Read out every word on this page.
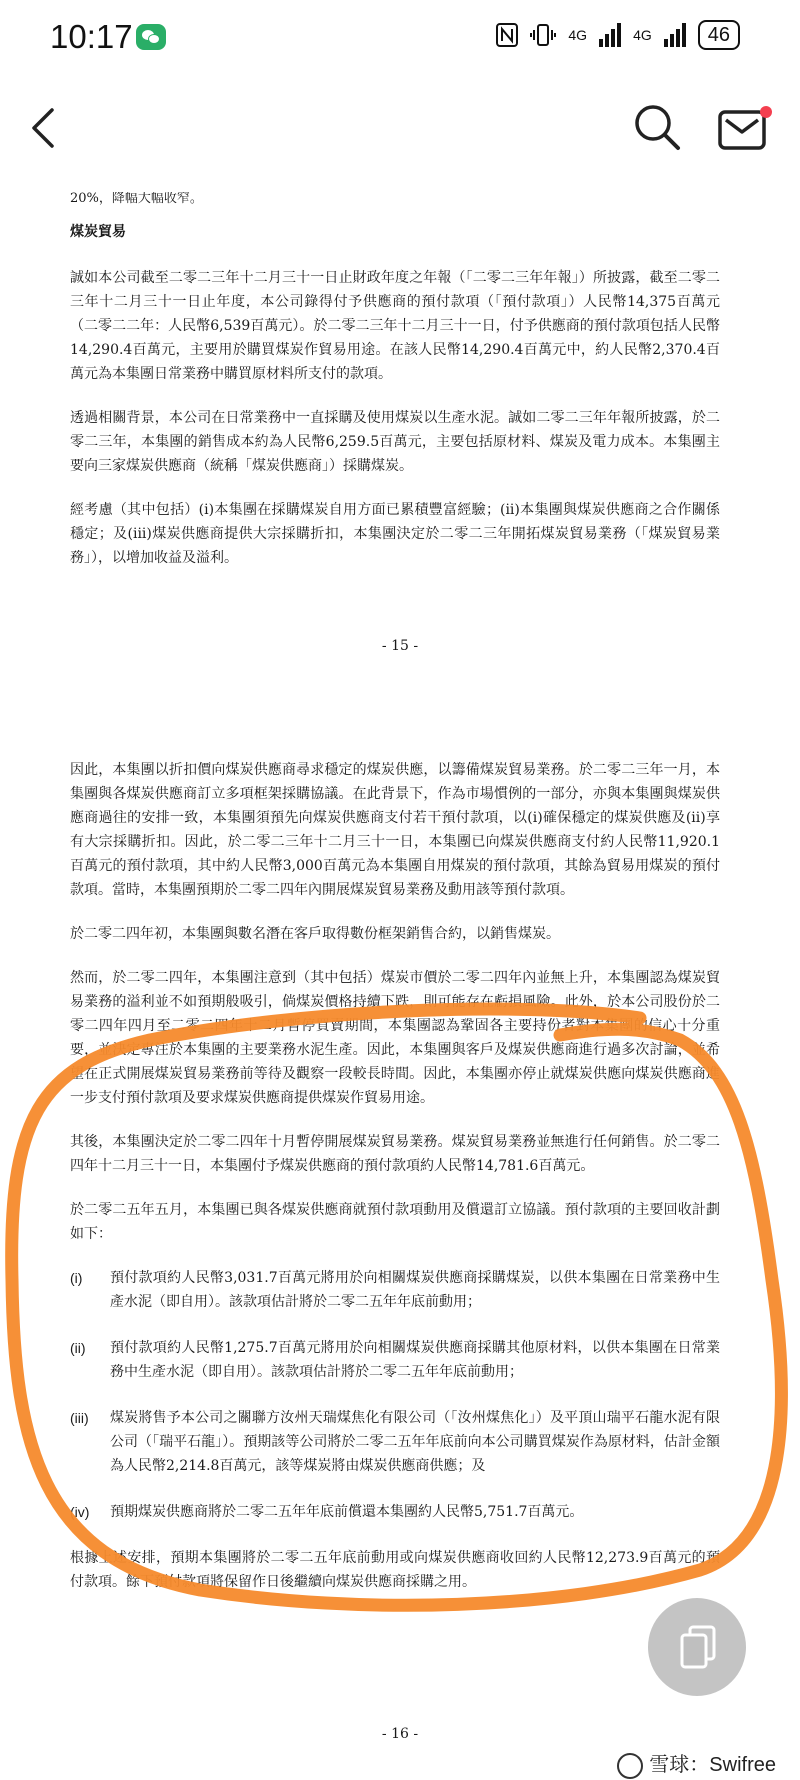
10:17	4G	4G	46

20%，降幅大幅收窄。

煤炭貿易

誠如本公司截至二零二三年十二月三十一日止財政年度之年報（「二零二三年年報」）所披露，截至二零二三年十二月三十一日止年度，本公司錄得付予供應商的預付款項（「預付款項」）人民幣14,375百萬元（二零二二年：人民幣6,539百萬元）。於二零二三年十二月三十一日，付予供應商的預付款項包括人民幣14,290.4百萬元，主要用於購買煤炭作貿易用途。在該人民幣14,290.4百萬元中，約人民幣2,370.4百萬元為本集團日常業務中購買原材料所支付的款項。

透過相關背景，本公司在日常業務中一直採購及使用煤炭以生產水泥。誠如二零二三年年報所披露，於二零二三年，本集團的銷售成本約為人民幣6,259.5百萬元，主要包括原材料、煤炭及電力成本。本集團主要向三家煤炭供應商（統稱「煤炭供應商」）採購煤炭。

經考慮（其中包括）(i)本集團在採購煤炭自用方面已累積豐富經驗；(ii)本集團與煤炭供應商之合作關係穩定；及(iii)煤炭供應商提供大宗採購折扣，本集團決定於二零二三年開拓煤炭貿易業務（「煤炭貿易業務」），以增加收益及溢利。

- 15 -

因此，本集團以折扣價向煤炭供應商尋求穩定的煤炭供應，以籌備煤炭貿易業務。於二零二三年一月，本集團與各煤炭供應商訂立多項框架採購協議。在此背景下，作為市場慣例的一部分，亦與本集團與煤炭供應商過往的安排一致，本集團須預先向煤炭供應商支付若干預付款項，以(i)確保穩定的煤炭供應及(ii)享有大宗採購折扣。因此，於二零二三年十二月三十一日，本集團已向煤炭供應商支付約人民幣11,920.1百萬元的預付款項，其中約人民幣3,000百萬元為本集團自用煤炭的預付款項，其餘為貿易用煤炭的預付款項。當時，本集團預期於二零二四年內開展煤炭貿易業務及動用該等預付款項。

於二零二四年初，本集團與數名潛在客戶取得數份框架銷售合約，以銷售煤炭。

然而，於二零二四年，本集團注意到（其中包括）煤炭市價於二零二四年內並無上升，本集團認為煤炭貿易業務的溢利並不如預期般吸引，倘煤炭價格持續下跌，則可能存在虧損風險。此外，於本公司股份於二零二四年四月至二零二四年十二月暫停買賣期間，本集團認為鞏固各主要持份者對本集團的信心十分重要，並決定專注於本集團的主要業務水泥生產。因此，本集團與客戶及煤炭供應商進行過多次討論，並希望在正式開展煤炭貿易業務前等待及觀察一段較長時間。因此，本集團亦停止就煤炭供應向煤炭供應商進一步支付預付款項及要求煤炭供應商提供煤炭作貿易用途。

其後，本集團決定於二零二四年十月暫停開展煤炭貿易業務。煤炭貿易業務並無進行任何銷售。於二零二四年十二月三十一日，本集團付予煤炭供應商的預付款項約人民幣14,781.6百萬元。

於二零二五年五月，本集團已與各煤炭供應商就預付款項動用及償還訂立協議。預付款項的主要回收計劃如下：

(i)	預付款項約人民幣3,031.7百萬元將用於向相關煤炭供應商採購煤炭，以供本集團在日常業務中生產水泥（即自用）。該款項估計將於二零二五年年底前動用；
(ii)	預付款項約人民幣1,275.7百萬元將用於向相關煤炭供應商採購其他原材料，以供本集團在日常業務中生產水泥（即自用）。該款項估計將於二零二五年年底前動用；
(iii)	煤炭將售予本公司之關聯方汝州天瑞煤焦化有限公司（「汝州煤焦化」）及平頂山瑞平石龍水泥有限公司（「瑞平石龍」）。預期該等公司將於二零二五年年底前向本公司購買煤炭作為原材料，估計金額為人民幣2,214.8百萬元，該等煤炭將由煤炭供應商供應；及
(iv)	預期煤炭供應商將於二零二五年年底前償還本集團約人民幣5,751.7百萬元。

根據上述安排，預期本集團將於二零二五年底前動用或向煤炭供應商收回約人民幣12,273.9百萬元的預付款項。餘下預付款項將保留作日後繼續向煤炭供應商採購之用。

- 16 -
雪球：Swifree
